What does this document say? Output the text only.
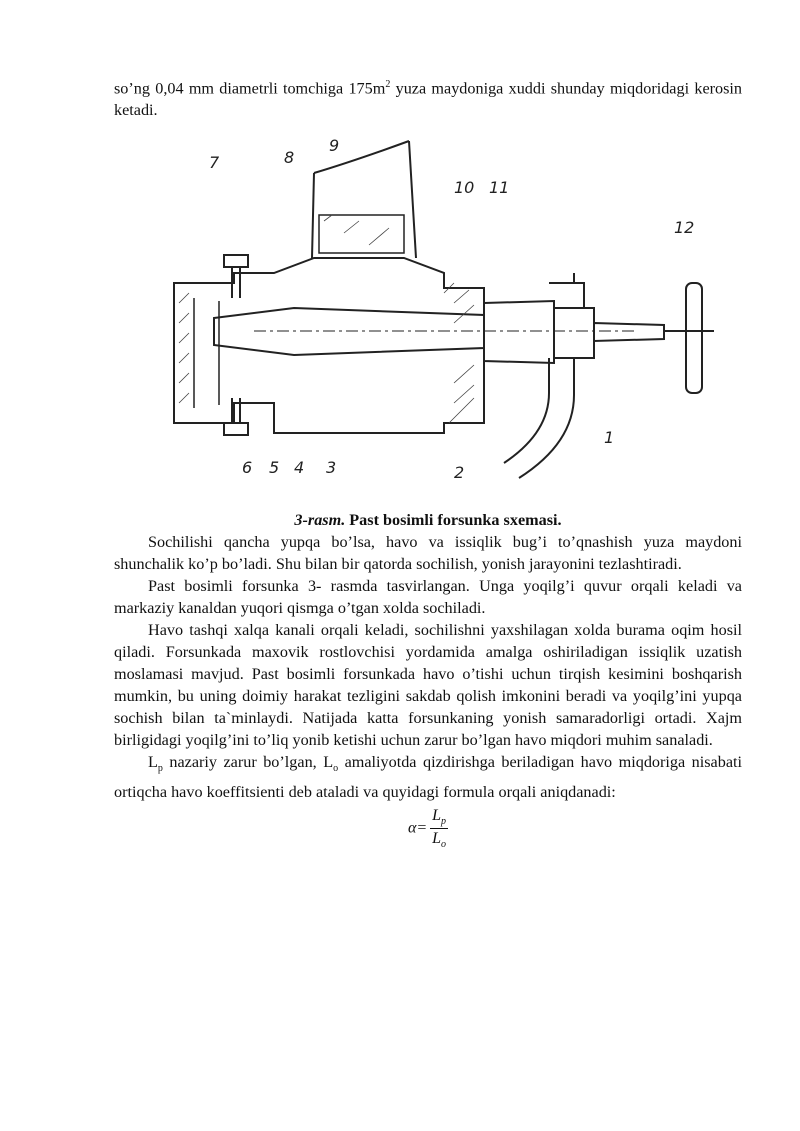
so’ng 0,04 mm diametrli tomchiga $175m^2$ yuza maydoniga xuddi shunday miqdoridagi kerosin ketadi.

7	8
9
10 11
12
1
2
3
4
5
6
3-rasm. Past bosimli forsunka sxemasi.

Sochilishi qancha yupqa bo’lsa, havo va issiqlik bug’i to’qnashish yuza maydoni shunchalik ko’p bo’ladi. Shu bilan bir qatorda sochilish, yonish jarayonini tezlashtiradi.

Past bosimli forsunka 3- rasmda tasvirlangan. Unga yoqilg’i quvur orqali keladi va markaziy kanaldan yuqori qismga o’tgan xolda sochiladi.

Havo tashqi xalqa kanali orqali keladi, sochilishni yaxshilagan xolda burama oqim hosil qiladi. Forsunkada maxovik rostlovchisi yordamida amalga oshiriladigan issiqlik uzatish moslamasi mavjud. Past bosimli forsunkada havo o’tishi uchun tirqish kesimini boshqarish mumkin, bu uning doimiy harakat tezligini sakdab qolish imkonini beradi va yoqilg’ini yupqa sochish bilan ta`minlaydi. Natijada katta forsunkaning yonish samaradorligi ortadi. Xajm birligidagi yoqilg’ini to’liq yonib ketishi uchun zarur bo’lgan havo miqdori muhim sanaladi.

$L_p$ nazariy zarur bo’lgan, $L_o$ amaliyotda qizdirishga beriladigan havo miqdoriga nisabati ortiqcha havo koeffitsienti deb ataladi va quyidagi formula orqali aniqdanadi:

$\alpha= \frac{L_p}{L_o}$
